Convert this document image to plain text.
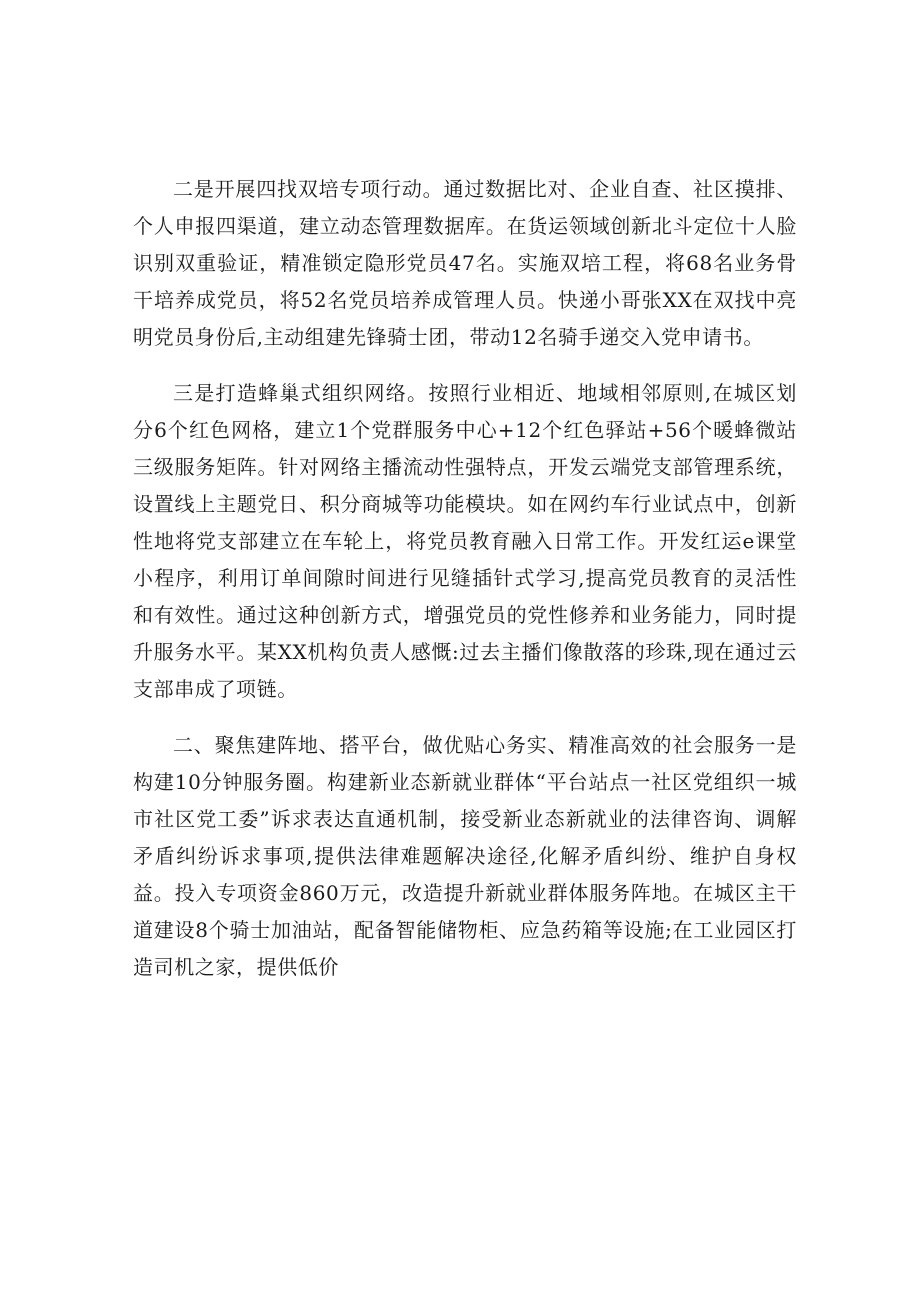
二是开展四找双培专项行动。通过数据比对、企业自查、社区摸排、个人申报四渠道，建立动态管理数据库。在货运领域创新北斗定位十人脸识别双重验证，精准锁定隐形党员47名。实施双培工程，将68名业务骨干培养成党员，将52名党员培养成管理人员。快递小哥张XX在双找中亮明党员身份后,主动组建先锋骑士团，带动12名骑手递交入党申请书。

三是打造蜂巢式组织网络。按照行业相近、地域相邻原则,在城区划分6个红色网格，建立1个党群服务中心+12个红色驿站+56个暖蜂微站三级服务矩阵。针对网络主播流动性强特点，开发云端党支部管理系统，设置线上主题党日、积分商城等功能模块。如在网约车行业试点中，创新性地将党支部建立在车轮上，将党员教育融入日常工作。开发红运e课堂小程序，利用订单间隙时间进行见缝插针式学习,提高党员教育的灵活性和有效性。通过这种创新方式，增强党员的党性修养和业务能力，同时提升服务水平。某XX机构负责人感慨:过去主播们像散落的珍珠,现在通过云支部串成了项链。

二、聚焦建阵地、搭平台，做优贴心务实、精准高效的社会服务一是构建10分钟服务圈。构建新业态新就业群体“平台站点一社区党组织一城市社区党工委”诉求表达直通机制，接受新业态新就业的法律咨询、调解矛盾纠纷诉求事项,提供法律难题解决途径,化解矛盾纠纷、维护自身权益。投入专项资金860万元，改造提升新就业群体服务阵地。在城区主干道建设8个骑士加油站，配备智能储物柜、应急药箱等设施;在工业园区打造司机之家，提供低价
